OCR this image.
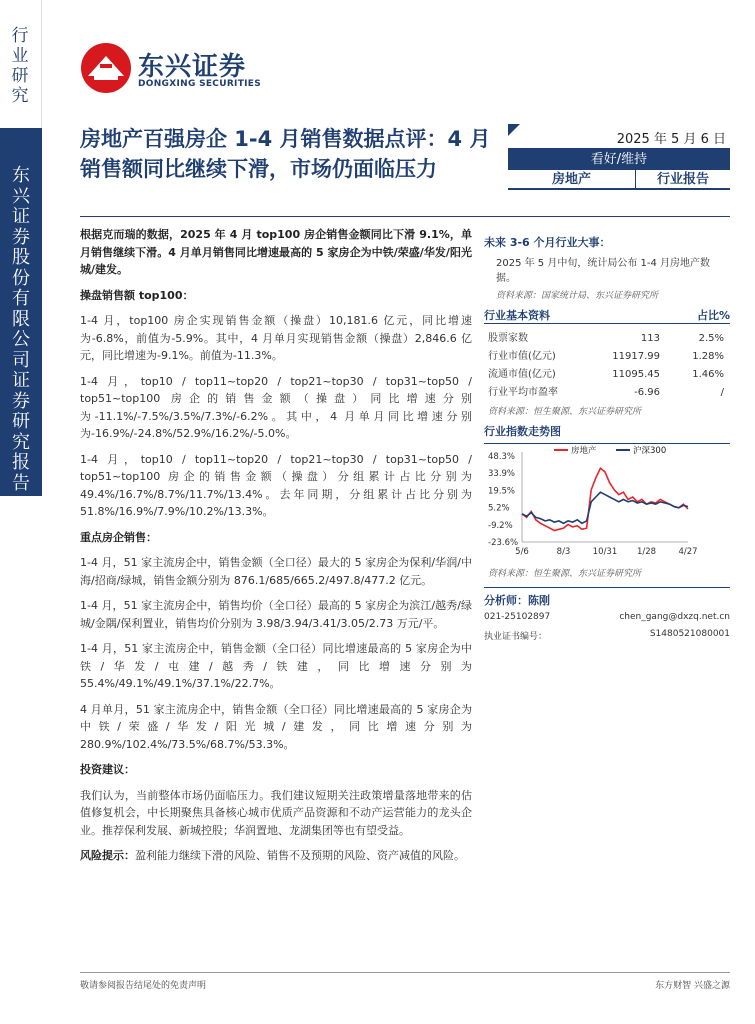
行业研究
东兴证券股份有限公司证券研究报告
东兴证券
DONGXING SECURITIES
房地产百强房企 1-4 月销售数据点评：4 月销售额同比继续下滑，市场仍面临压力
2025 年 5 月 6 日
看好/维持
房地产	行业报告

根据克而瑞的数据，2025 年 4 月 top100 房企销售金额同比下滑 9.1%，单月销售继续下滑。4 月单月销售同比增速最高的 5 家房企为中铁/荣盛/华发/阳光城/建发。

操盘销售额 top100：

1-4 月，top100 房企实现销售金额（操盘）10,181.6 亿元，同比增速为-6.8%，前值为-5.9%。其中，4 月单月实现销售金额（操盘）2,846.6 亿元，同比增速为-9.1%。前值为-11.3%。

1-4 月，top10 / top11~top20 / top21~top30 / top31~top50 / top51~top100 房企的销售金额（操盘）同比增速分别为-11.1%/-7.5%/3.5%/7.3%/-6.2%。其中，4 月单月同比增速分别为-16.9%/-24.8%/52.9%/16.2%/-5.0%。

1-4 月，top10 / top11~top20 / top21~top30 / top31~top50 / top51~top100 房企的销售金额（操盘）分组累计占比分别为 49.4%/16.7%/8.7%/11.7%/13.4%。去年同期，分组累计占比分别为 51.8%/16.9%/7.9%/10.2%/13.3%。

重点房企销售：

1-4 月，51 家主流房企中，销售金额（全口径）最大的 5 家房企为保利/华润/中海/招商/绿城，销售金额分别为 876.1/685/665.2/497.8/477.2 亿元。

1-4 月，51 家主流房企中，销售均价（全口径）最高的 5 家房企为滨江/越秀/绿城/金隅/保利置业，销售均价分别为 3.98/3.94/3.41/3.05/2.73 万元/平。

1-4 月，51 家主流房企中，销售金额（全口径）同比增速最高的 5 家房企为中铁/华发/屯建/越秀/铁建，同比增速分别为 55.4%/49.1%/49.1%/37.1%/22.7%。

4 月单月，51 家主流房企中，销售金额（全口径）同比增速最高的 5 家房企为中铁/荣盛/华发/阳光城/建发，同比增速分别为 280.9%/102.4%/73.5%/68.7%/53.3%。

投资建议：

我们认为，当前整体市场仍面临压力。我们建议短期关注政策增量落地带来的估值修复机会，中长期聚焦具备核心城市优质产品资源和不动产运营能力的龙头企业。推荐保利发展、新城控股；华润置地、龙湖集团等也有望受益。

风险提示：盈利能力继续下滑的风险、销售不及预期的风险、资产减值的风险。

未来 3-6 个月行业大事：
2025 年 5 月中旬，统计局公布 1-4 月房地产数据。
资料来源：国家统计局、东兴证券研究所
行业基本资料	占比%
股票家数	113	2.5%
行业市值(亿元)	11917.99	1.28%
流通市值(亿元)	11095.45	1.46%
行业平均市盈率	-6.96	/
资料来源：恒生聚源、东兴证券研究所
行业指数走势图
48.3%
33.9%
19.5%
5.2%
-9.2%
-23.6%
5/6	8/3	10/31 1/28	4/27
房地产	沪深300
资料来源：恒生聚源、东兴证券研究所
分析师：陈刚
021-25102897	chen_gang@dxzq.net.cn
执业证书编号：	S1480521080001
敬请参阅报告结尾处的免责声明	东方财智 兴盛之源
